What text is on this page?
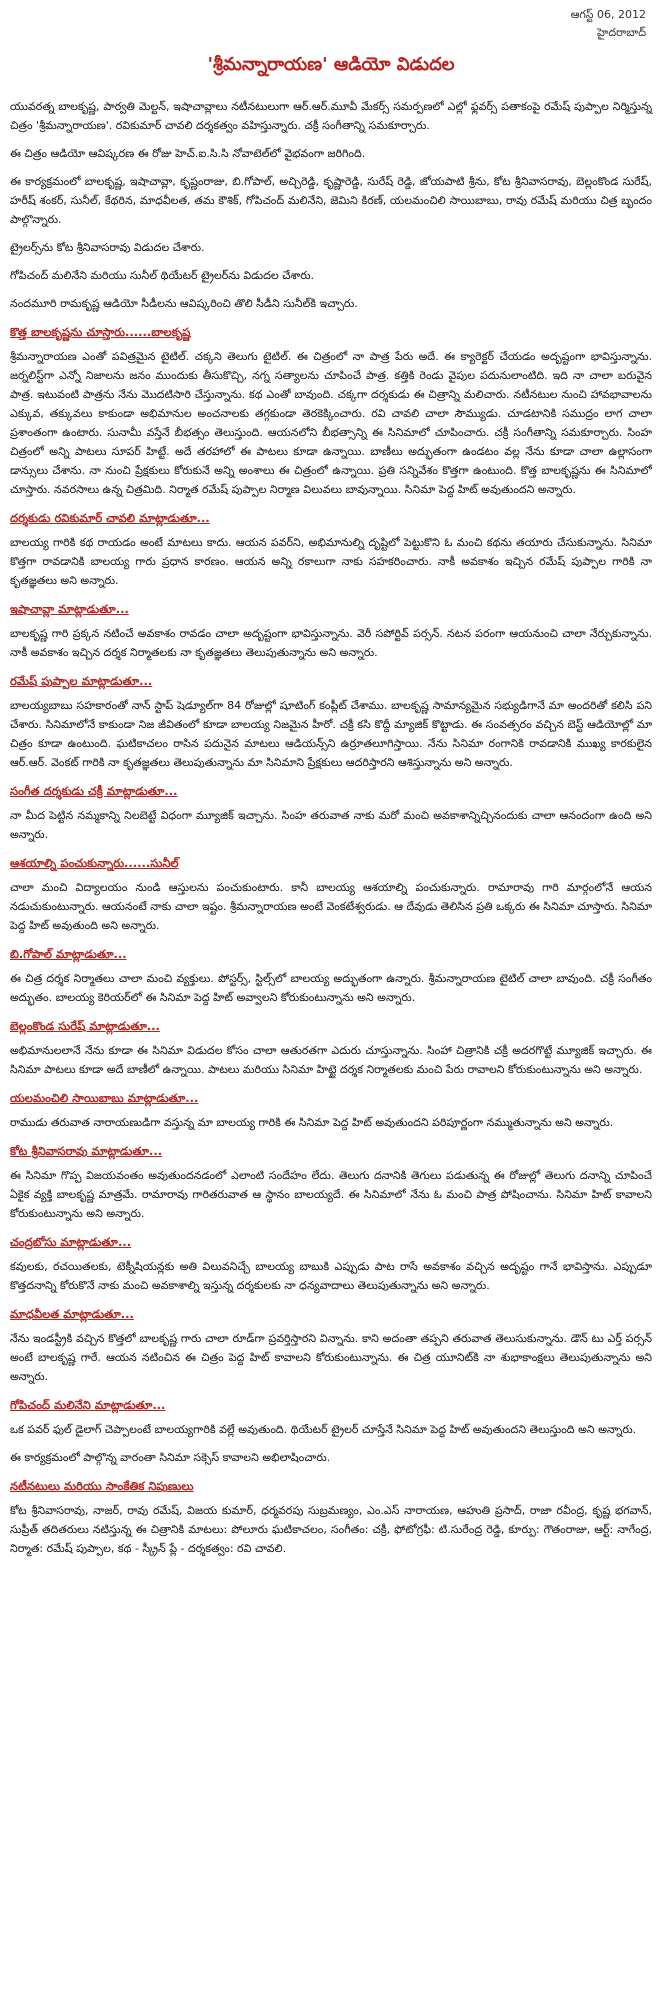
ఆగస్ట్ 06, 2012
హైదరాబాద్
'శ్రీమన్నారాయణ' ఆడియో విడుదల

యువరత్న బాలకృష్ణ, పార్వతి మెల్టన్, ఇషాచావ్లాలు నటీనటులుగా ఆర్.ఆర్.మూవీ మేకర్స్ సమర్పణలో ఎల్లో ఫ్లవర్స్ పతాకంపై రమేష్ పుప్పాల నిర్మిస్తున్న చిత్రం 'శ్రీమన్నారాయణ'. రవికుమార్ చావలి దర్శకత్వం వహిస్తున్నారు. చక్రీ సంగీతాన్ని సమకూర్చారు.

ఈ చిత్రం ఆడియో ఆవిష్కరణ ఈ రోజు హెచ్.ఐ.సి.సి నోవాటెల్‌లో వైభవంగా జరిగింది.

ఈ కార్యక్రమంలో బాలకృష్ణ, ఇషాచావ్లా, కృష్ణంరాజు, బి.గోపాల్, అచ్చిరెడ్డి, కృష్ణారెడ్డి, సురేష్ రెడ్డి, జోయపాటి శ్రీను, కోట శ్రీనివాసరావు, బెల్లంకొండ సురేష్, హరీష్ శంకర్, సునీల్, కేథరిన, మాధవీలత, తమ కౌశిక్, గోపిచంద్ మలినేని, జెమిని కిరణ్, యలమంచిలి సాయిబాబు, రావు రమేష్ మరియు చిత్ర బృందం పాల్గొన్నారు.

ట్రైలర్స్‌ను కోట శ్రీనివాసరావు విడుదల చేశారు.

గోపిచంద్ మలినేని మరియు సునీల్ థియేటర్ ట్రైలర్‌ను విడుదల చేశారు.

నందమూరి రామకృష్ణ ఆడియో సీడీలను ఆవిష్కరించి తొలి సీడీని సునీల్‌కి ఇచ్చారు.

కొత్త బాలకృష్ణను చూస్తారు......బాలకృష్ణ

శ్రీమన్నారాయణ ఎంతో పవిత్రమైన టైటిల్. చక్కని తెలుగు టైటిల్. ఈ చిత్రంలో నా పాత్ర పేరు అదే. ఈ క్యారెక్టర్ చేయడం అదృష్టంగా భావిస్తున్నాను. జర్నలిస్ట్‌గా ఎన్నో నిజాలను జనం ముందుకు తీసుకొచ్చి, నగ్న సత్యాలను చూపించే పాత్ర. కత్తికి రెండు వైపుల పదునులాంటిది. ఇది నా చాలా బరువైన పాత్ర. ఇటువంటి పాత్రను నేను మొదటిసారి చేస్తున్నాను. కథ ఎంతో బావుంది. చక్కగా దర్శకుడు ఈ చిత్రాన్ని మలిచారు. నటీనటుల నుంచి హావభావాలను ఎక్కువ, తక్కువలు కాకుండా అభిమానుల అంచనాలకు తగ్గకుండా తెరకెక్కించారు. రవి చావలి చాలా సౌమ్యుడు. చూడటానికి సముద్రం లాగ చాలా ప్రశాంతంగా ఉంటారు. సునామీ వస్తేనే బీభత్సం తెలుస్తుంది. ఆయనలోని బీభత్సాన్ని ఈ సినిమాలో చూపించారు. చక్రీ సంగీతాన్ని సమకూర్చారు. సింహ చిత్రంలో అన్ని పాటలు సూపర్ హిట్టే. అదే తరహాలో ఈ పాటలు కూడా ఉన్నాయి. బాణీలు అద్భుతంగా ఉండటం వల్ల నేను కూడా చాలా ఉల్లాసంగా డాన్సులు చేశాను. నా నుంచి ప్రేక్షకులు కోరుకునే అన్ని అంశాలు ఈ చిత్రంలో ఉన్నాయి. ప్రతి సన్నివేశం కొత్తగా ఉంటుంది. కొత్త బాలకృష్ణను ఈ సినిమాలో చూస్తారు. నవరసాలు ఉన్న చిత్రమిది. నిర్మాత రమేష్ పుప్పాల నిర్మాణ విలువలు బావున్నాయి. సినిమా పెద్ద హిట్ అవుతుందని అన్నారు.

దర్శకుడు రవికుమార్ చావలి మాట్లాడుతూ...

బాలయ్య గారికి కథ రాయడం అంటే మాటలు కాదు. ఆయన పవర్‌ని, అభిమానుల్ని దృష్టిలో పెట్టుకొని ఓ మంచి కథను తయారు చేసుకున్నాను. సినిమా కొత్తగా రావడానికి బాలయ్య గారు ప్రధాన కారణం. ఆయన అన్ని రకాలుగా నాకు సహకరించారు. నాకీ అవకాశం ఇచ్చిన రమేష్ పుప్పాల గారికి నా కృతజ్ఞతలు అని అన్నారు.

ఇషాచావ్లా మాట్లాడుతూ...

బాలకృష్ణ గారి ప్రక్కన నటించే అవకాశం రావడం చాలా అదృష్టంగా భావిస్తున్నాను. వెరీ సపోర్టివ్ పర్సన్. నటన పరంగా ఆయనుంచి చాలా నేర్చుకున్నాను. నాకీ అవకాశం ఇచ్చిన దర్శక నిర్మాతలకు నా కృతజ్ఞతలు తెలుపుతున్నాను అని అన్నారు.

రమేష్ పుప్పాల మాట్లాడుతూ...

బాలయ్యబాబు సహకారంతో నాన్ స్టాప్ షెడ్యూల్‌గా 84 రోజుల్లో షూటింగ్ కంప్లీట్ చేశాము. బాలకృష్ణ సామాన్యమైన సభ్యుడిగానే మా అందరితో కలిసి పని చేశారు. సినిమాలోనే కాకుండా నిజ జీవితంలో కూడా బాలయ్య నిజమైన హీరో. చక్రీ కసి కొద్దీ మ్యాజిక్ కొట్టాడు. ఈ సంవత్సరం వచ్చిన బెస్ట్ ఆడియోల్లో మా చిత్రం కూడా ఉంటుంది. ఘటికాచలం రాసిన పదునైన మాటలు ఆడియన్స్‌ని ఉర్రూతలూగిస్తాయి. నేను సినిమా రంగానికి రావడానికి ముఖ్య కారకులైన ఆర్.ఆర్. వెంకట్ గారికి నా కృతజ్ఞతలు తెలుపుతున్నాను మా సినిమాని ప్రేక్షకులు ఆదరిస్తారని ఆశిస్తున్నాను అని అన్నారు.

సంగీత దర్శకుడు చక్రీ మాట్లాడుతూ...

నా మీద పెట్టిన నమ్మకాన్ని నిలబెట్టే విధంగా మ్యూజిక్ ఇచ్చాను. సింహ తరువాత నాకు మరో మంచి అవకాశాన్నిచ్చినందుకు చాలా ఆనందంగా ఉంది అని అన్నారు.

ఆశయాల్ని పంచుకున్నారు......సునీల్

చాలా మంచి విద్యాలయం నుండి ఆస్తులను పంచుకుంటారు. కానీ బాలయ్య ఆశయాల్ని పంచుకున్నారు. రామారావు గారి మార్గంలోనే ఆయన నడుచుకుంటున్నారు. ఆయనంటే నాకు చాలా ఇష్టం. శ్రీమన్నారాయణ అంటే వెంకటేశ్వరుడు. ఆ దేవుడు తెలిసిన ప్రతి ఒక్కరు ఈ సినిమా చూస్తారు. సినిమా పెద్ద హిట్ అవుతుంది అని అన్నారు.

బి.గోపాల్ మాట్లాడుతూ...

ఈ చిత్ర దర్శక నిర్మాతలు చాలా మంచి వ్యక్తులు. పోస్టర్స్, స్టిల్స్‌లో బాలయ్య అద్భుతంగా ఉన్నారు. శ్రీమన్నారాయణ టైటిల్ చాలా బావుంది. చక్రీ సంగీతం అద్భుతం. బాలయ్య కెరియర్‌లో ఈ సినిమా పెద్ద హిట్ అవ్వాలని కోరుకుంటున్నాను అని అన్నారు.

బెల్లంకొండ సురేష్ మాట్లాడుతూ...

అభిమానులలానే నేను కూడా ఈ సినిమా విడుదల కోసం చాలా ఆతురతగా ఎదురు చూస్తున్నాను. సింహా చిత్రానికి చక్రీ అదరగొట్టే మ్యూజిక్ ఇచ్చారు. ఈ సినిమా పాటలు కూడా అదే బాణీలో ఉన్నాయి. పాటలు మరియు సినిమా హిట్టై దర్శక నిర్మాతలకు మంచి పేరు రావాలని కోరుకుంటున్నాను అని అన్నారు.

యలమంచిలి సాయిబాబు మాట్లాడుతూ...

రాముడు తరువాత నారాయణుడిగా వస్తున్న మా బాలయ్య గారికి ఈ సినిమా పెద్ద హిట్ అవుతుందని పరిపూర్ణంగా నమ్ముతున్నాను అని అన్నారు.

కోట శ్రీనివాసరావు మాట్లాడుతూ...

ఈ సినిమా గొప్ప విజయవంతం అవుతుందనడంలో ఎలాంటి సందేహం లేదు. తెలుగు దనానికి తెగులు పడుతున్న ఈ రోజుల్లో తెలుగు దనాన్ని చూపించే ఏకైక వ్యక్తి బాలకృష్ణ మాత్రమే. రామారావు గారితరువాత ఆ స్థానం బాలయ్యదే. ఈ సినిమాలో నేను ఓ మంచి పాత్ర పోషించాను. సినిమా హిట్ కావాలని కోరుకుంటున్నాను అని అన్నారు.

చంద్రబోసు మాట్లాడుతూ...

కవులకు, రచయితలకు, టెక్నీషియన్లకు అతి విలువనిచ్చే బాలయ్య బాబుకి ఎప్పుడు పాట రాసే అవకాశం వచ్చిన అదృష్టం గానే భావిస్తాను. ఎప్పుడూ కొత్తదనాన్ని కోరుకొనే నాకు మంచి అవకాశాల్ని ఇస్తున్న దర్శకులకు నా ధన్యవాదాలు తెలుపుతున్నాను అని అన్నారు.

మాధవీలత మాట్లాడుతూ...

నేను ఇండస్ట్రీకి వచ్చిన కొత్తలో బాలకృష్ణ గారు చాలా రూడ్‌గా ప్రవర్తిస్తారని విన్నాను. కాని అదంతా తప్పని తరువాత తెలుసుకున్నాను. డౌన్ టు ఎర్త్ పర్సన్ అంటే బాలకృష్ణ గారే. ఆయన నటించిన ఈ చిత్రం పెద్ద హిట్ కావాలని కోరుకుంటున్నాను. ఈ చిత్ర యూనిట్‌కి నా శుభాకాంక్షలు తెలుపుతున్నాను అని అన్నారు.

గోపిచంద్ మలినేని మాట్లాడుతూ...

ఒక పవర్ ఫుల్ డైలాగ్ చెప్పాలంటే బాలయ్యగారికి వల్లే అవుతుంది. థియేటర్ ట్రైలర్ చూస్తేనే సినిమా పెద్ద హిట్ అవుతుందని తెలుస్తుంది అని అన్నారు.

ఈ కార్యక్రమంలో పాల్గొన్న వారంతా సినిమా సక్సెస్ కావాలని అభిలాషించారు.

నటీనటులు మరియు సాంకేతిక నిపుణులు

కోట శ్రీనివాసరావు, నాజర్, రావు రమేష్, విజయ కుమార్, ధర్మవరపు సుబ్రమణ్యం, ఎం.ఎస్ నారాయణ, ఆహుతి ప్రసాద్, రాజా రవీంద్ర, కృష్ణ భగవాన్, సుప్రీత్ తదితరులు నటిస్తున్న ఈ చిత్రానికి మాటలు: పోలూరు ఘటికాచలం, సంగీతం: చక్రీ, ఫోటోగ్రఫీ: టి.సురేంద్ర రెడ్డి, కూర్పు: గౌతంరాజు, ఆర్ట్: నాగేంద్ర, నిర్మాత: రమేష్ పుప్పాల, కథ - స్క్రీన్ ప్లే - దర్శకత్వం: రవి చావలి.
